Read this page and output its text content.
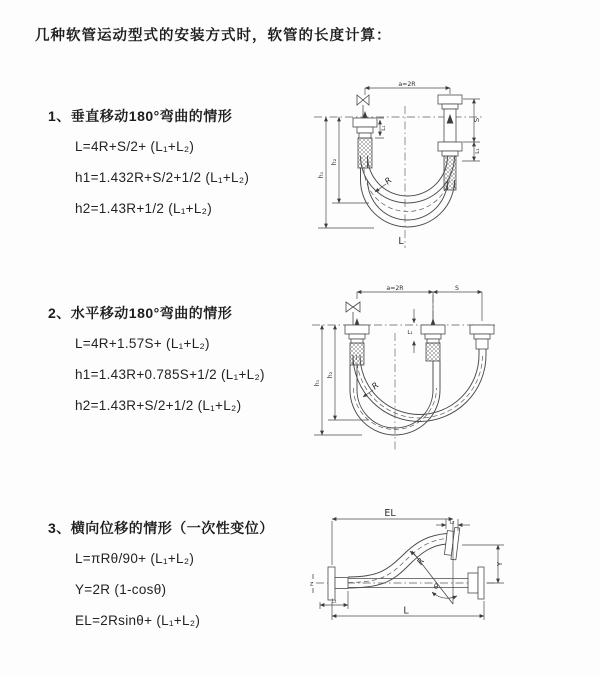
几种软管运动型式的安装方式时，软管的长度计算：
1、垂直移动180°弯曲的情形
L=4R+S/2+ (L₁+L₂)
h1=1.432R+S/2+1/2 (L₁+L₂)
h2=1.43R+1/2 (L₁+L₂)
a=2R
h₁
h₂
S
L₁
L₁
R
L
2、水平移动180°弯曲的情形
L=4R+1.57S+ (L₁+L₂)
h1=1.43R+0.785S+1/2 (L₁+L₂)
h2=1.43R+S/2+1/2 (L₁+L₂)
a=2R	S
h₁
h₂
L₁
R
3、横向位移的情形（一次性变位）
L=πRθ/90+ (L₁+L₂)
Y=2R (1-cosθ)
EL=2Rsinθ+ (L₁+L₂)
z
EL
L₂
θ
R	Y
L₁
L
